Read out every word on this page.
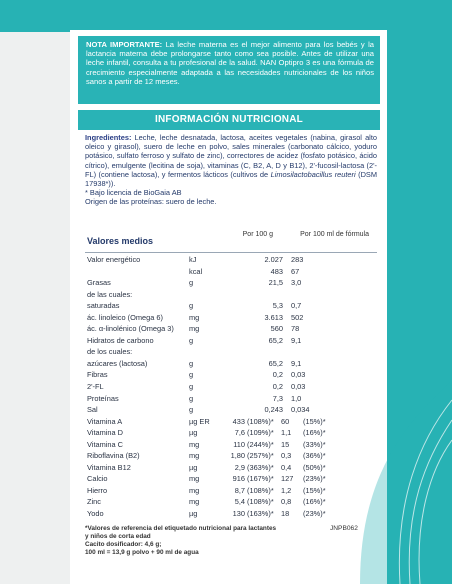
NOTA IMPORTANTE: La leche materna es el mejor alimento para los bebés y la lactancia materna debe prolongarse tanto como sea posible. Antes de utilizar una leche infantil, consulta a tu profesional de la salud. NAN Optipro 3 es una fórmula de crecimiento especialmente adaptada a las necesidades nutricionales de los niños sanos a partir de 12 meses.
INFORMACIÓN NUTRICIONAL
Ingredientes: Leche, leche desnatada, lactosa, aceites vegetales (nabina, girasol alto oleico y girasol), suero de leche en polvo, sales minerales (carbonato cálcico, yoduro potásico, sulfato ferroso y sulfato de zinc), correctores de acidez (fosfato potásico, ácido cítrico), emulgente (lecitina de soja), vitaminas (C, B2, A, D y B12), 2'-fucosil-lactosa (2'-FL) (contiene lactosa), y fermentos lácticos (cultivos de Limosilactobacillus reuteri (DSM 17938*)).
* Bajo licencia de BioGaia AB
Origen de las proteínas: suero de leche.
Valores medios
Por 100 g	Por 100 ml de fórmula
Valor energético	kJ	2.027 283
kcal	483 67
Grasas	g	21,5 3,0
de las cuales:
saturadas	g	5,3 0,7
ác. linoleico (Omega 6)	mg	3.613 502
ác. α-linolénico (Omega 3) mg	560 78
Hidratos de carbono	g	65,2 9,1
de los cuales:
azúcares (lactosa)	g	65,2 9,1
Fibras	g	0,2 0,03
2'-FL	g	0,2 0,03
Proteínas	g	7,3 1,0
Sal	g	0,243 0,034
Vitamina A	µg ER	433 (108%)* 60	(15%)*
Vitamina D	µg	7,6 (109%)* 1,1	(16%)*
Vitamina C	mg	110 (244%)* 15	(33%)*
Riboflavina (B2)	mg	1,80 (257%)* 0,3	(36%)*
Vitamina B12	µg	2,9 (363%)* 0,4	(50%)*
Calcio	mg	916 (167%)* 127	(23%)*
Hierro	mg	8,7 (108%)* 1,2	(15%)*
Zinc	mg	5,4 (108%)* 0,8	(16%)*
Yodo	µg	130 (163%)* 18	(23%)*
*Valores de referencia del etiquetado nutricional para lactantes
y niños de corta edad
Cacito dosificador: 4,6 g;
100 ml = 13,9 g polvo + 90 ml de agua
JNPB062
